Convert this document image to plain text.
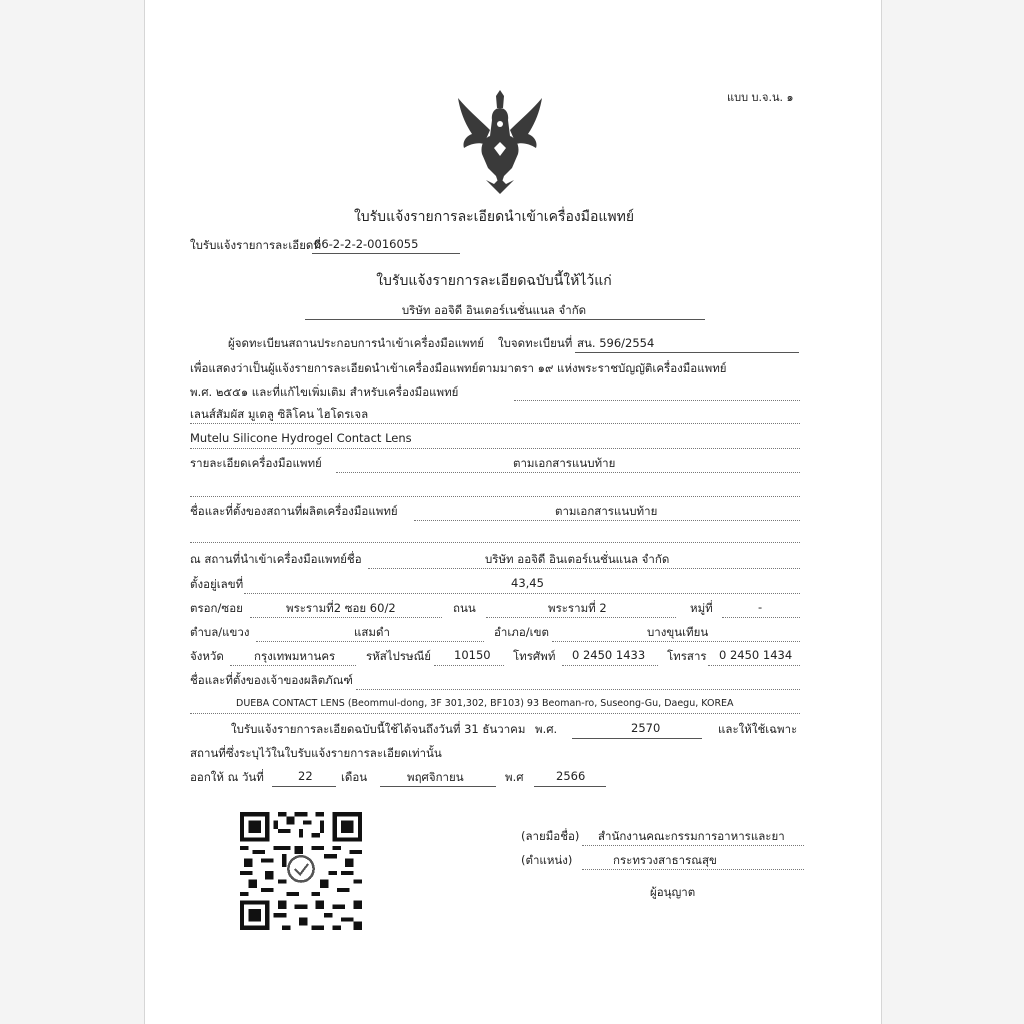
แบบ บ.จ.น. ๑
ใบรับแจ้งรายการละเอียดนำเข้าเครื่องมือแพทย์
ใบรับแจ้งรายการละเอียดที่
66-2-2-2-0016055
ใบรับแจ้งรายการละเอียดฉบับนี้ให้ไว้แก่
บริษัท ออจิดี อินเตอร์เนชั่นแนล จำกัด
ผู้จดทะเบียนสถานประกอบการนำเข้าเครื่องมือแพทย์ ใบจดทะเบียนที่ สน. 596/2554
เพื่อแสดงว่าเป็นผู้แจ้งรายการละเอียดนำเข้าเครื่องมือแพทย์ตามมาตรา ๑๙ แห่งพระราชบัญญัติเครื่องมือแพทย์
พ.ศ. ๒๕๕๑ และที่แก้ไขเพิ่มเติม สำหรับเครื่องมือแพทย์
เลนส์สัมผัส มูเตลู ซิลิโคน ไฮโดรเจล
Mutelu Silicone Hydrogel Contact Lens
รายละเอียดเครื่องมือแพทย์	ตามเอกสารแนบท้าย
ชื่อและที่ตั้งของสถานที่ผลิตเครื่องมือแพทย์	ตามเอกสารแนบท้าย
ณ สถานที่นำเข้าเครื่องมือแพทย์ชื่อ	บริษัท ออจิดี อินเตอร์เนชั่นแนล จำกัด
ตั้งอยู่เลขที่	43,45
ตรอก/ซอย	พระรามที่2 ซอย 60/2	ถนน	พระรามที่ 2	หมู่ที่	-
ตำบล/แขวง	แสมดำ	อำเภอ/เขต	บางขุนเทียน
จังหวัด	กรุงเทพมหานคร	รหัสไปรษณีย์ 10150 โทรศัพท์ 0 2450 1433 โทรสาร 0 2450 1434
ชื่อและที่ตั้งของเจ้าของผลิตภัณฑ์
DUEBA CONTACT LENS (Beommul-dong, 3F 301,302, BF103) 93 Beoman-ro, Suseong-Gu, Daegu, KOREA
ใบรับแจ้งรายการละเอียดฉบับนี้ใช้ได้จนถึงวันที่ 31 ธันวาคม พ.ศ.	2570	และให้ใช้เฉพาะ
สถานที่ซึ่งระบุไว้ในใบรับแจ้งรายการละเอียดเท่านั้น
ออกให้ ณ วันที่	22 เดือน	พฤศจิกายน	พ.ศ	2566
(ลายมือชื่อ) สำนักงานคณะกรรมการอาหารและยา
(ตำแหน่ง)	กระทรวงสาธารณสุข
ผู้อนุญาต
